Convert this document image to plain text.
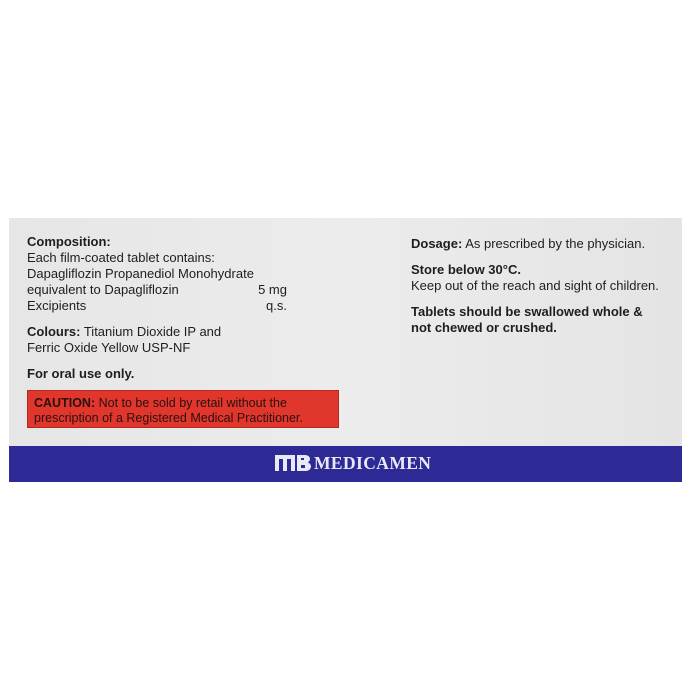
Composition:
Each film-coated tablet contains:
Dapagliflozin Propanediol Monohydrate
equivalent to Dapagliflozin	5 mg
Excipients	q.s.
Colours: Titanium Dioxide IP and
Ferric Oxide Yellow USP-NF
For oral use only.
CAUTION: Not to be sold by retail without the
prescription of a Registered Medical Practitioner.
Dosage: As prescribed by the physician.
Store below 30°C.
Keep out of the reach and sight of children.
Tablets should be swallowed whole &
not chewed or crushed.
MEDICAMEN
